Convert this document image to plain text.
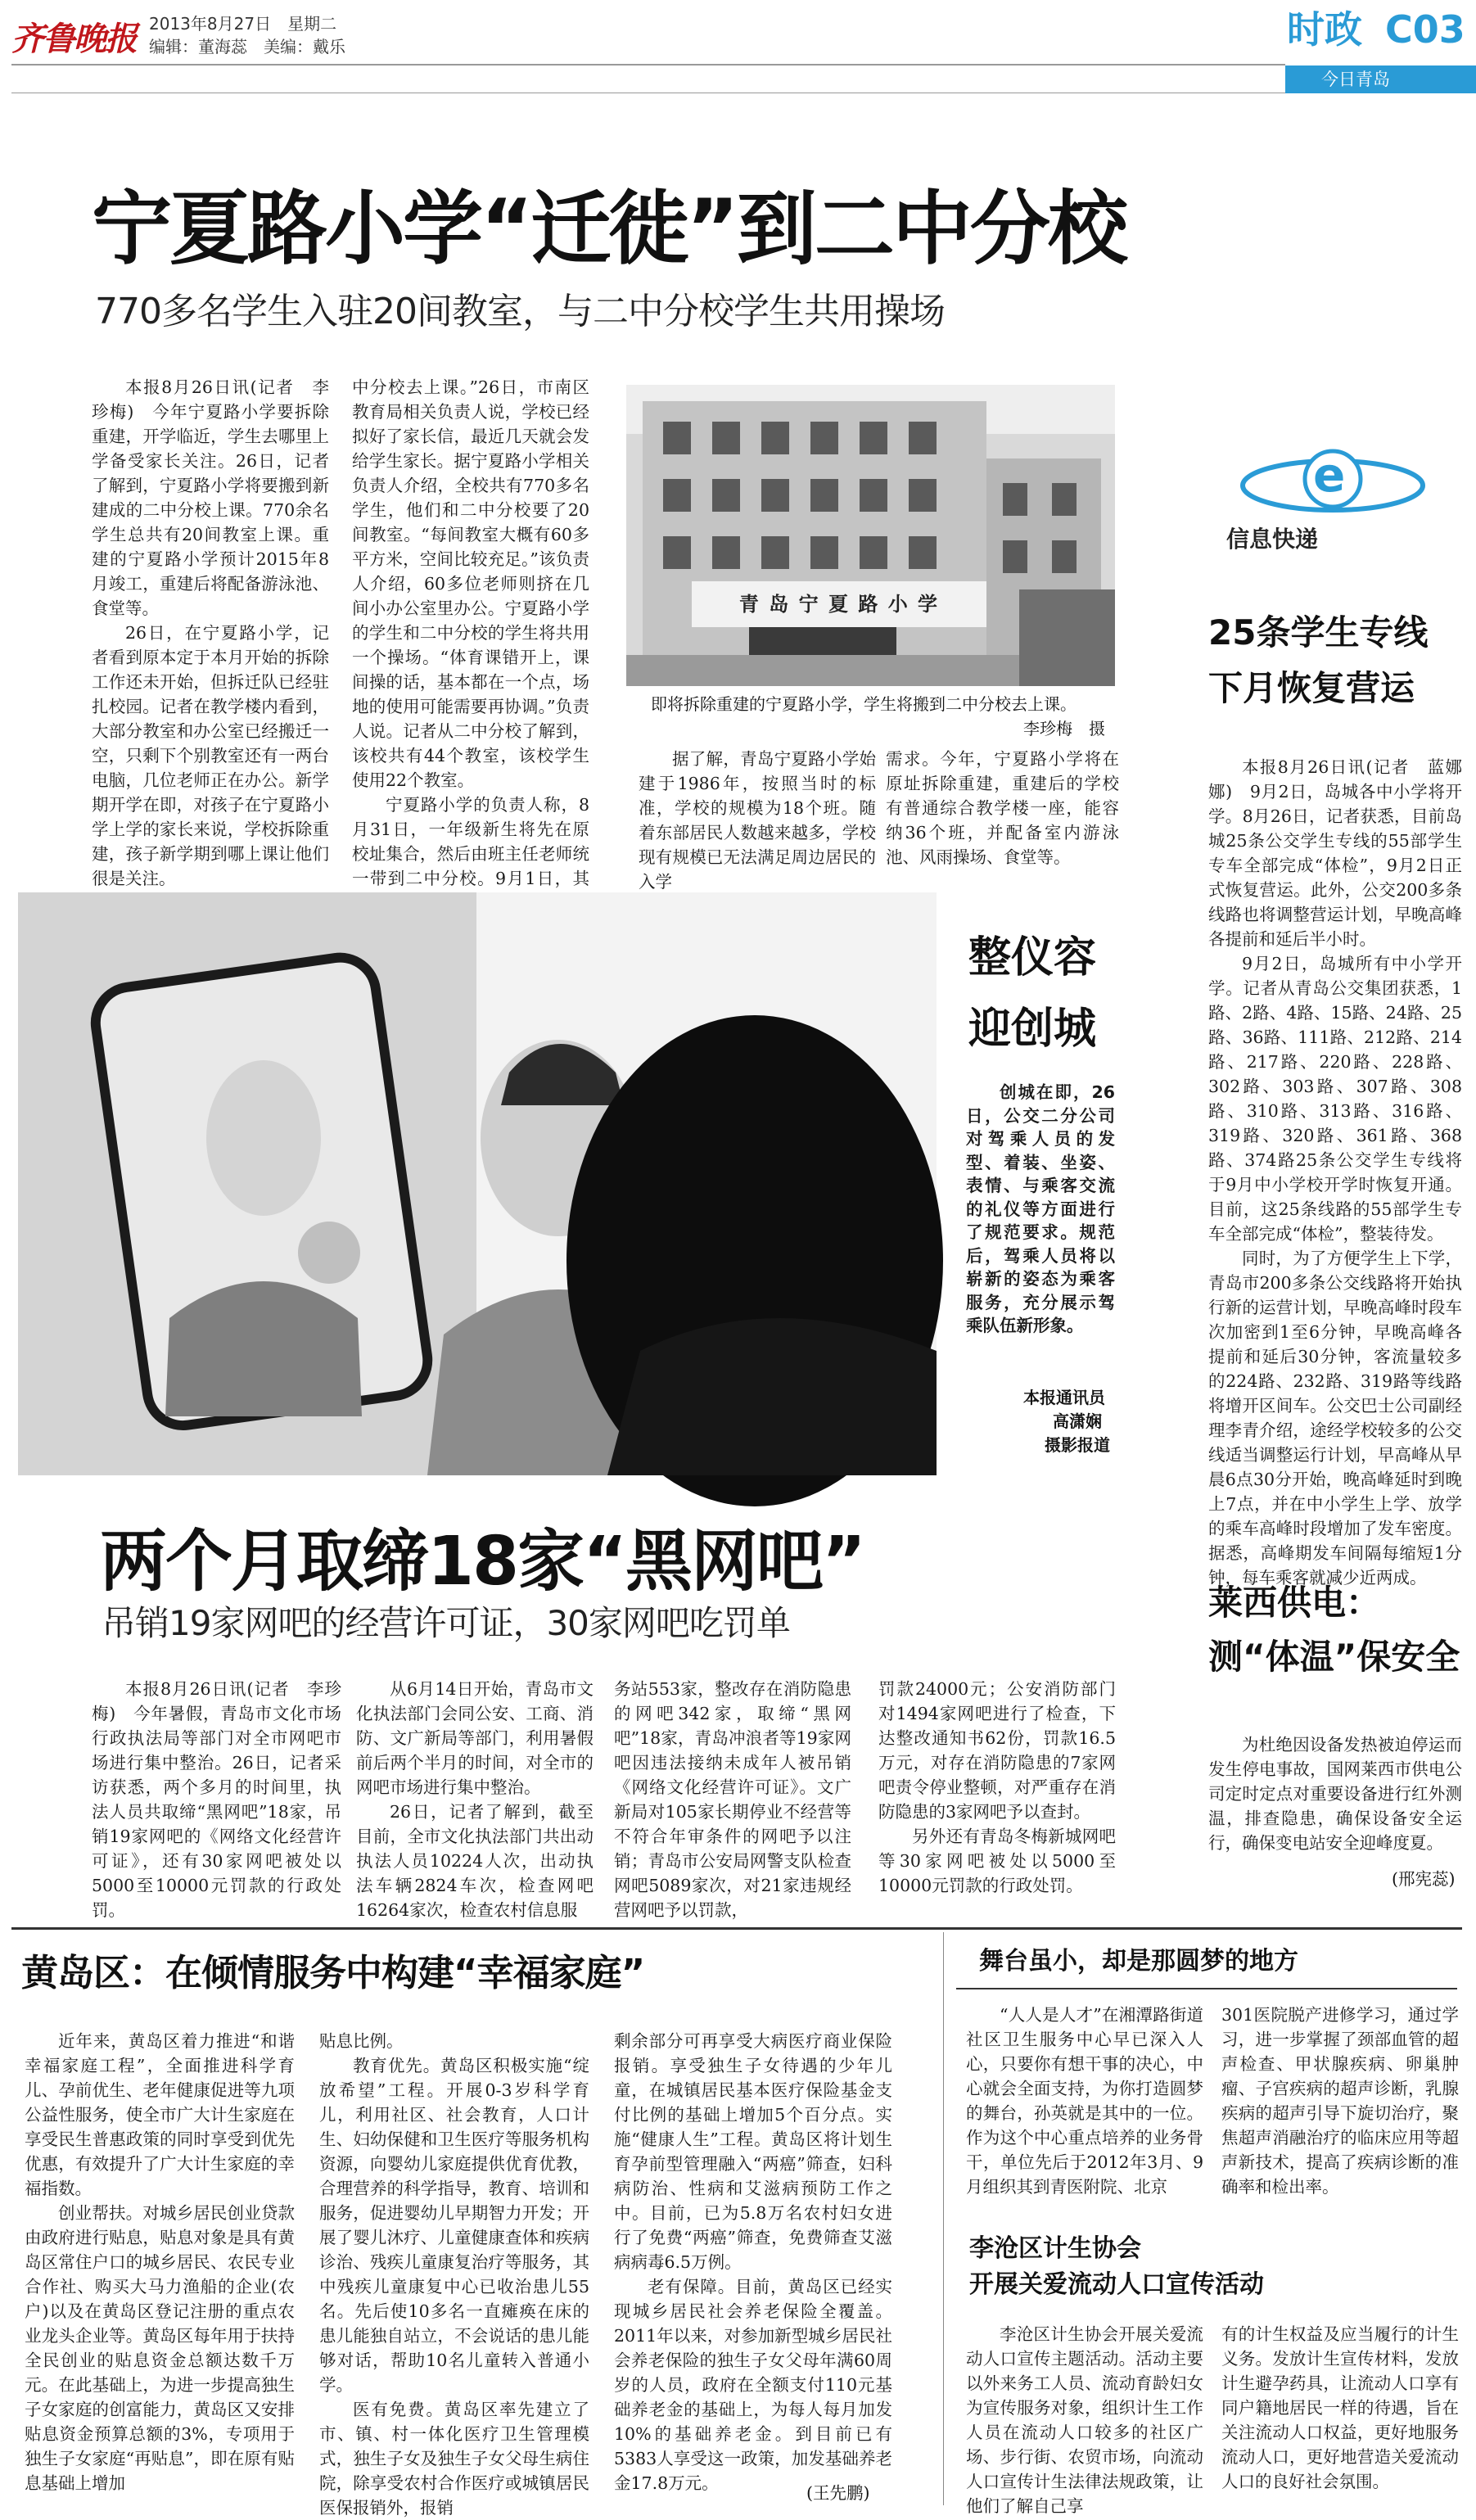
齐鲁晚报 2013年8月27日　星期二
编辑：董海蕊　美编：戴乐	时政 C03
今日青岛
宁夏路小学“迁徙”到二中分校
770多名学生入驻20间教室，与二中分校学生共用操场

本报8月26日讯(记者　李珍梅)　今年宁夏路小学要拆除重建，开学临近，学生去哪里上学备受家长关注。26日，记者了解到，宁夏路小学将要搬到新建成的二中分校上课。770余名学生总共有20间教室上课。重建的宁夏路小学预计2015年8月竣工，重建后将配备游泳池、食堂等。

26日，在宁夏路小学，记者看到原本定于本月开始的拆除工作还未开始，但拆迁队已经驻扎校园。记者在教学楼内看到，大部分教室和办公室已经搬迁一空，只剩下个别教室还有一两台电脑，几位老师正在办公。新学期开学在即，对孩子在宁夏路小学上学的家长来说，学校拆除重建，孩子新学期到哪上课让他们很是关注。

中分校去上课。”26日，市南区教育局相关负责人说，学校已经拟好了家长信，最近几天就会发给学生家长。据宁夏路小学相关负责人介绍，全校共有770多名学生，他们和二中分校要了20间教室。“每间教室大概有60多平方米，空间比较充足。”该负责人介绍，60多位老师则挤在几间小办公室里办公。宁夏路小学的学生和二中分校的学生将共用一个操场。“体育课错开上，课间操的话，基本都在一个点，场地的使用可能需要再协调。”负责人说。记者从二中分校了解到，该校共有44个教室，该校学生使用22个教室。

宁夏路小学的负责人称，8月31日，一年级新生将先在原校址集合，然后由班主任老师统一带到二中分校。9月1日，其

青 岛 宁 夏 路 小 学
即将拆除重建的宁夏路小学，学生将搬到二中分校去上课。
李珍梅　摄

据了解，青岛宁夏路小学始建于1986年，按照当时的标准，学校的规模为18个班。随着东部居民人数越来越多，学校现有规模已无法满足周边居民的入学

需求。今年，宁夏路小学将在原址拆除重建，重建后的学校有普通综合教学楼一座，能容纳36个班，并配备室内游泳池、风雨操场、食堂等。

e
信息快递
25条学生专线
下月恢复营运

本报8月26日讯(记者　蓝娜娜)　9月2日，岛城各中小学将开学。8月26日，记者获悉，目前岛城25条公交学生专线的55部学生专车全部完成“体检”，9月2日正式恢复营运。此外，公交200多条线路也将调整营运计划，早晚高峰各提前和延后半小时。

9月2日，岛城所有中小学开学。记者从青岛公交集团获悉，1路、2路、4路、15路、24路、25路、36路、111路、212路、214路、217路、220路、228路、302路、303路、307路、308路、310路、313路、316路、319路、320路、361路、368路、374路25条公交学生专线将于9月中小学校开学时恢复开通。目前，这25条线路的55部学生专车全部完成“体检”，整装待发。

同时，为了方便学生上下学，青岛市200多条公交线路将开始执行新的运营计划，早晚高峰时段车次加密到1至6分钟，早晚高峰各提前和延后30分钟，客流量较多的224路、232路、319路等线路将增开区间车。公交巴士公司副经理李青介绍，途经学校较多的公交线适当调整运行计划，早高峰从早晨6点30分开始，晚高峰延时到晚上7点，并在中小学生上学、放学的乘车高峰时段增加了发车密度。据悉，高峰期发车间隔每缩短1分钟，每车乘客就减少近两成。

整仪容
迎创城

创城在即，26日，公交二分公司对驾乘人员的发型、着装、坐姿、表情、与乘客交流的礼仪等方面进行了规范要求。规范后，驾乘人员将以崭新的姿态为乘客服务，充分展示驾乘队伍新形象。

本报通讯员
高潇娴
摄影报道
两个月取缔18家“黑网吧”
吊销19家网吧的经营许可证，30家网吧吃罚单

本报8月26日讯(记者　李珍梅)　今年暑假，青岛市文化市场行政执法局等部门对全市网吧市场进行集中整治。26日，记者采访获悉，两个多月的时间里，执法人员共取缔“黑网吧”18家，吊销19家网吧的《网络文化经营许可证》，还有30家网吧被处以5000至10000元罚款的行政处罚。

从6月14日开始，青岛市文化执法部门会同公安、工商、消防、文广新局等部门，利用暑假前后两个半月的时间，对全市的网吧市场进行集中整治。

26日，记者了解到，截至目前，全市文化执法部门共出动执法人员10224人次，出动执法车辆2824车次，检查网吧16264家次，检查农村信息服

务站553家，整改存在消防隐患的网吧342家，取缔“黑网吧”18家，青岛冲浪者等19家网吧因违法接纳未成年人被吊销《网络文化经营许可证》。文广新局对105家长期停业不经营等不符合年审条件的网吧予以注销；青岛市公安局网警支队检查网吧5089家次，对21家违规经营网吧予以罚款，

罚款24000元；公安消防部门对1494家网吧进行了检查，下达整改通知书62份，罚款16.5万元，对存在消防隐患的7家网吧责令停业整顿，对严重存在消防隐患的3家网吧予以查封。

另外还有青岛冬梅新城网吧等30家网吧被处以5000至10000元罚款的行政处罚。

莱西供电：
测“体温”保安全

为杜绝因设备发热被迫停运而发生停电事故，国网莱西市供电公司定时定点对重要设备进行红外测温，排查隐患，确保设备安全运行，确保变电站安全迎峰度夏。

(邢宪蕊)
黄岛区：在倾情服务中构建“幸福家庭”

近年来，黄岛区着力推进“和谐幸福家庭工程”，全面推进科学育儿、孕前优生、老年健康促进等九项公益性服务，使全市广大计生家庭在享受民生普惠政策的同时享受到优先优惠，有效提升了广大计生家庭的幸福指数。

创业帮扶。对城乡居民创业贷款由政府进行贴息，贴息对象是具有黄岛区常住户口的城乡居民、农民专业合作社、购买大马力渔船的企业(农户)以及在黄岛区登记注册的重点农业龙头企业等。黄岛区每年用于扶持全民创业的贴息资金总额达数千万元。在此基础上，为进一步提高独生子女家庭的创富能力，黄岛区又安排贴息资金预算总额的3%，专项用于独生子女家庭“再贴息”，即在原有贴息基础上增加

贴息比例。

教育优先。黄岛区积极实施“绽放希望”工程。开展0-3岁科学育儿，利用社区、社会教育，人口计生、妇幼保健和卫生医疗等服务机构资源，向婴幼儿家庭提供优育优教，合理营养的科学指导，教育、培训和服务，促进婴幼儿早期智力开发；开展了婴儿沐疗、儿童健康查体和疾病诊治、残疾儿童康复治疗等服务，其中残疾儿童康复中心已收治患儿55名。先后使10多名一直瘫痪在床的患儿能独自站立，不会说话的患儿能够对话，帮助10名儿童转入普通小学。

医有免费。黄岛区率先建立了市、镇、村一体化医疗卫生管理模式，独生子女及独生子女父母生病住院，除享受农村合作医疗或城镇居民医保报销外，报销

剩余部分可再享受大病医疗商业保险报销。享受独生子女待遇的少年儿童，在城镇居民基本医疗保险基金支付比例的基础上增加5个百分点。实施“健康人生”工程。黄岛区将计划生育孕前型管理融入“两癌”筛查，妇科病防治、性病和艾滋病预防工作之中。目前，已为5.8万名农村妇女进行了免费“两癌”筛查，免费筛查艾滋病病毒6.5万例。

老有保障。目前，黄岛区已经实现城乡居民社会养老保险全覆盖。2011年以来，对参加新型城乡居民社会养老保险的独生子女父母年满60周岁的人员，政府在全额支付110元基础养老金的基础上，为每人每月加发10%的基础养老金。到目前已有5383人享受这一政策，加发基础养老金17.8万元。	(王先鹏)
舞台虽小，却是那圆梦的地方

“人人是人才”在湘潭路街道社区卫生服务中心早已深入人心，只要你有想干事的决心，中心就会全面支持，为你打造圆梦的舞台，孙英就是其中的一位。作为这个中心重点培养的业务骨干，单位先后于2012年3月、9月组织其到青医附院、北京

301医院脱产进修学习，通过学习，进一步掌握了颈部血管的超声检查、甲状腺疾病、卵巢肿瘤、子宫疾病的超声诊断，乳腺疾病的超声引导下旋切治疗，聚焦超声消融治疗的临床应用等超声新技术，提高了疾病诊断的准确率和检出率。

李沧区计生协会
开展关爱流动人口宣传活动

李沧区计生协会开展关爱流动人口宣传主题活动。活动主要以外来务工人员、流动育龄妇女为宣传服务对象，组织计生工作人员在流动人口较多的社区广场、步行街、农贸市场，向流动人口宣传计生法律法规政策，让他们了解自己享

有的计生权益及应当履行的计生义务。发放计生宣传材料，发放计生避孕药具，让流动人口享有同户籍地居民一样的待遇，旨在关注流动人口权益，更好地服务流动人口，更好地营造关爱流动人口的良好社会氛围。
